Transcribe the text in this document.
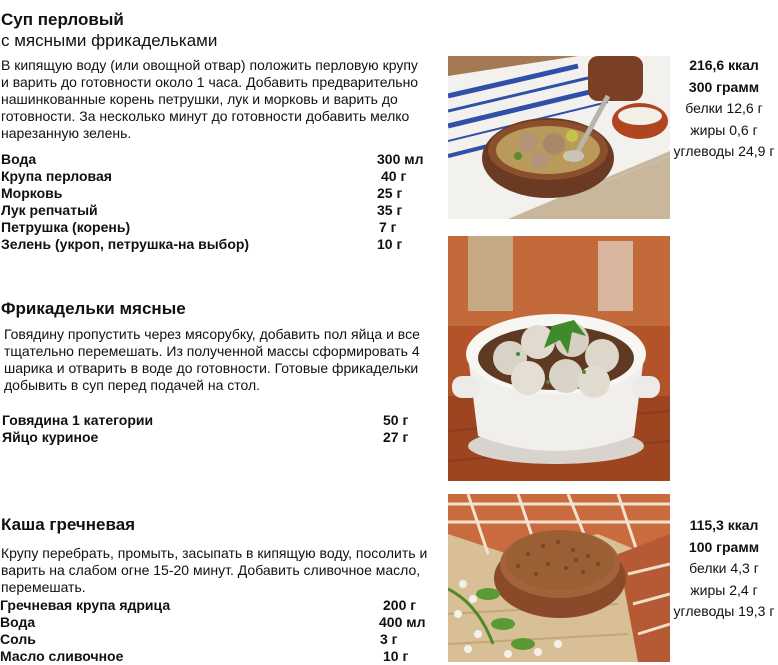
Суп перловый
с мясными фрикадельками
В кипящую воду (или овощной отвар) положить перловую крупу
и варить до готовности около 1 часа. Добавить предварительно
нашинкованные корень петрушки, лук и морковь и варить до
готовности. За несколько минут до готовности добавить мелко
нарезанную зелень.
Вода	300 мл
Крупа перловая	40 г
Морковь	25 г
Лук репчатый	35 г
Петрушка (корень)	7 г
Зелень (укроп, петрушка-на выбор)	10 г
216,6 ккал
300 грамм
белки 12,6 г
жиры 0,6 г
углеводы 24,9 г
Фрикадельки мясные
Говядину пропустить через мясорубку, добавить пол яйца и все
тщательно перемешать. Из полученной массы сформировать 4
шарика и отварить в воде до готовности. Готовые фрикадельки
добывить в суп перед подачей на стол.
Говядина 1 категории	50 г
Яйцо куриное	27 г
Каша гречневая
Крупу перебрать, промыть, засыпать в кипящую воду, посолить и
варить на слабом огне 15-20 минут. Добавить сливочное масло,
перемешать.
Гречневая крупа ядрица	200 г
Вода	400 мл
Соль	3 г
Масло сливочное	10 г
115,3 ккал
100 грамм
белки 4,3 г
жиры 2,4 г
углеводы 19,3 г
